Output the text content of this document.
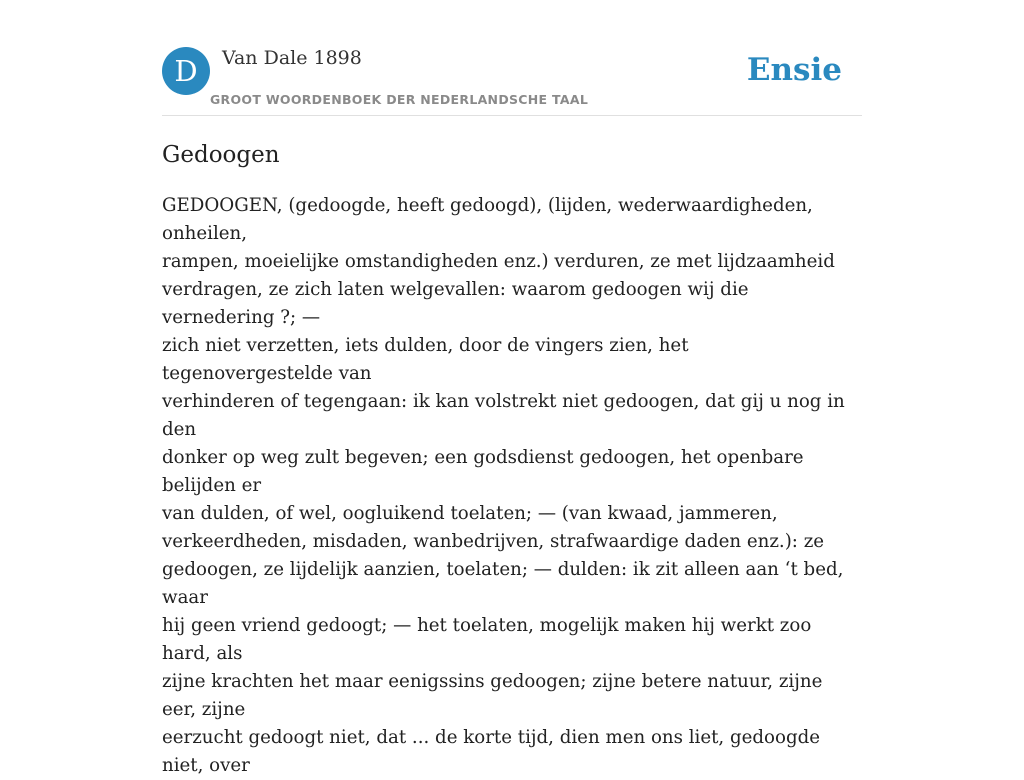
D	Van Dale 1898
GROOT WOORDENBOEK DER NEDERLANDSCHE TAAL
Ensie
Gedoogen

GEDOOGEN, (gedoogde, heeft gedoogd), (lijden, wederwaardigheden, onheilen,
rampen, moeielijke omstandigheden enz.) verduren, ze met lijdzaamheid
verdragen, ze zich laten welgevallen: waarom gedoogen wij die vernedering ?; —
zich niet verzetten, iets dulden, door de vingers zien, het tegenovergestelde van
verhinderen of tegengaan: ik kan volstrekt niet gedoogen, dat gij u nog in den
donker op weg zult begeven; een godsdienst gedoogen, het openbare belijden er
van dulden, of wel, oogluikend toelaten; — (van kwaad, jammeren,
verkeerdheden, misdaden, wanbedrijven, strafwaardige daden enz.): ze
gedoogen, ze lijdelijk aanzien, toelaten; — dulden: ik zit alleen aan ‘t bed, waar
hij geen vriend gedoogt; — het toelaten, mogelijk maken hij werkt zoo hard, als
zijne krachten het maar eenigssins gedoogen; zijne betere natuur, zijne eer, zijne
eerzucht gedoogt niet, dat ... de korte tijd, dien men ons liet, gedoogde niet, over
